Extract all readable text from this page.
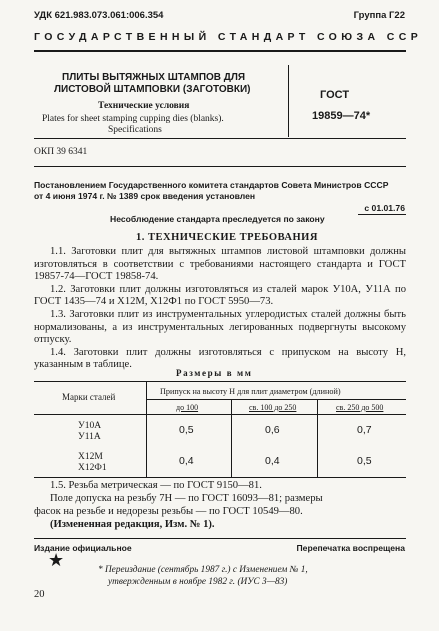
УДК 621.983.073.061:006.354	Группа Г22
ГОСУДАРСТВЕННЫЙ СТАНДАРТ СОЮЗА ССР
ПЛИТЫ ВЫТЯЖНЫХ ШТАМПОВ ДЛЯ
ЛИСТОВОЙ ШТАМПОВКИ (ЗАГОТОВКИ)
Технические условия
Plates for sheet stamping cupping dies (blanks).
Specifications
ГОСТ
19859—74*
ОКП 39 6341
Постановлением Государственного комитета стандартов Совета Министров СССР
от 4 июня 1974 г. № 1389 срок введения установлен
с 01.01.76
Несоблюдение стандарта преследуется по закону
1. ТЕХНИЧЕСКИЕ ТРЕБОВАНИЯ

1.1. Заготовки плит для вытяжных штампов листовой штамповки должны изготовляться в соответствии с требованиями настоящего стандарта и ГОСТ 19857-74—ГОСТ 19858-74.

1.2. Заготовки плит должны изготовляться из сталей марок У10А, У11А по ГОСТ 1435—74 и Х12М, Х12Ф1 по ГОСТ 5950—73.

1.3. Заготовки плит из инструментальных углеродистых сталей должны быть нормализованы, а из инструментальных легированных подвергнуты высокому отпуску.

1.4. Заготовки плит должны изготовляться с припуском на высоту H, указанным в таблице.

Размеры в мм
Марки сталей
Припуск на высоту H для плит диаметром (длиной)
до 100	св. 100 до 250	св. 250 до 500
У10А
У11А
0,5	0,6	0,7
Х12М
Х12Ф1
0,4	0,4	0,5
1.5. Резьба метрическая — по ГОСТ 9150—81.
Поле допуска на резьбу 7H — по ГОСТ 16093—81; размеры
фасок на резьбе и недорезы резьбы — по ГОСТ 10549—80.
(Измененная редакция, Изм. № 1).
Издание официальное	Перепечатка воспрещена
★	* Переиздание (сентябрь 1987 г.) с Изменением № 1,
утвержденным в ноябре 1982 г. (ИУС 3—83)
20
